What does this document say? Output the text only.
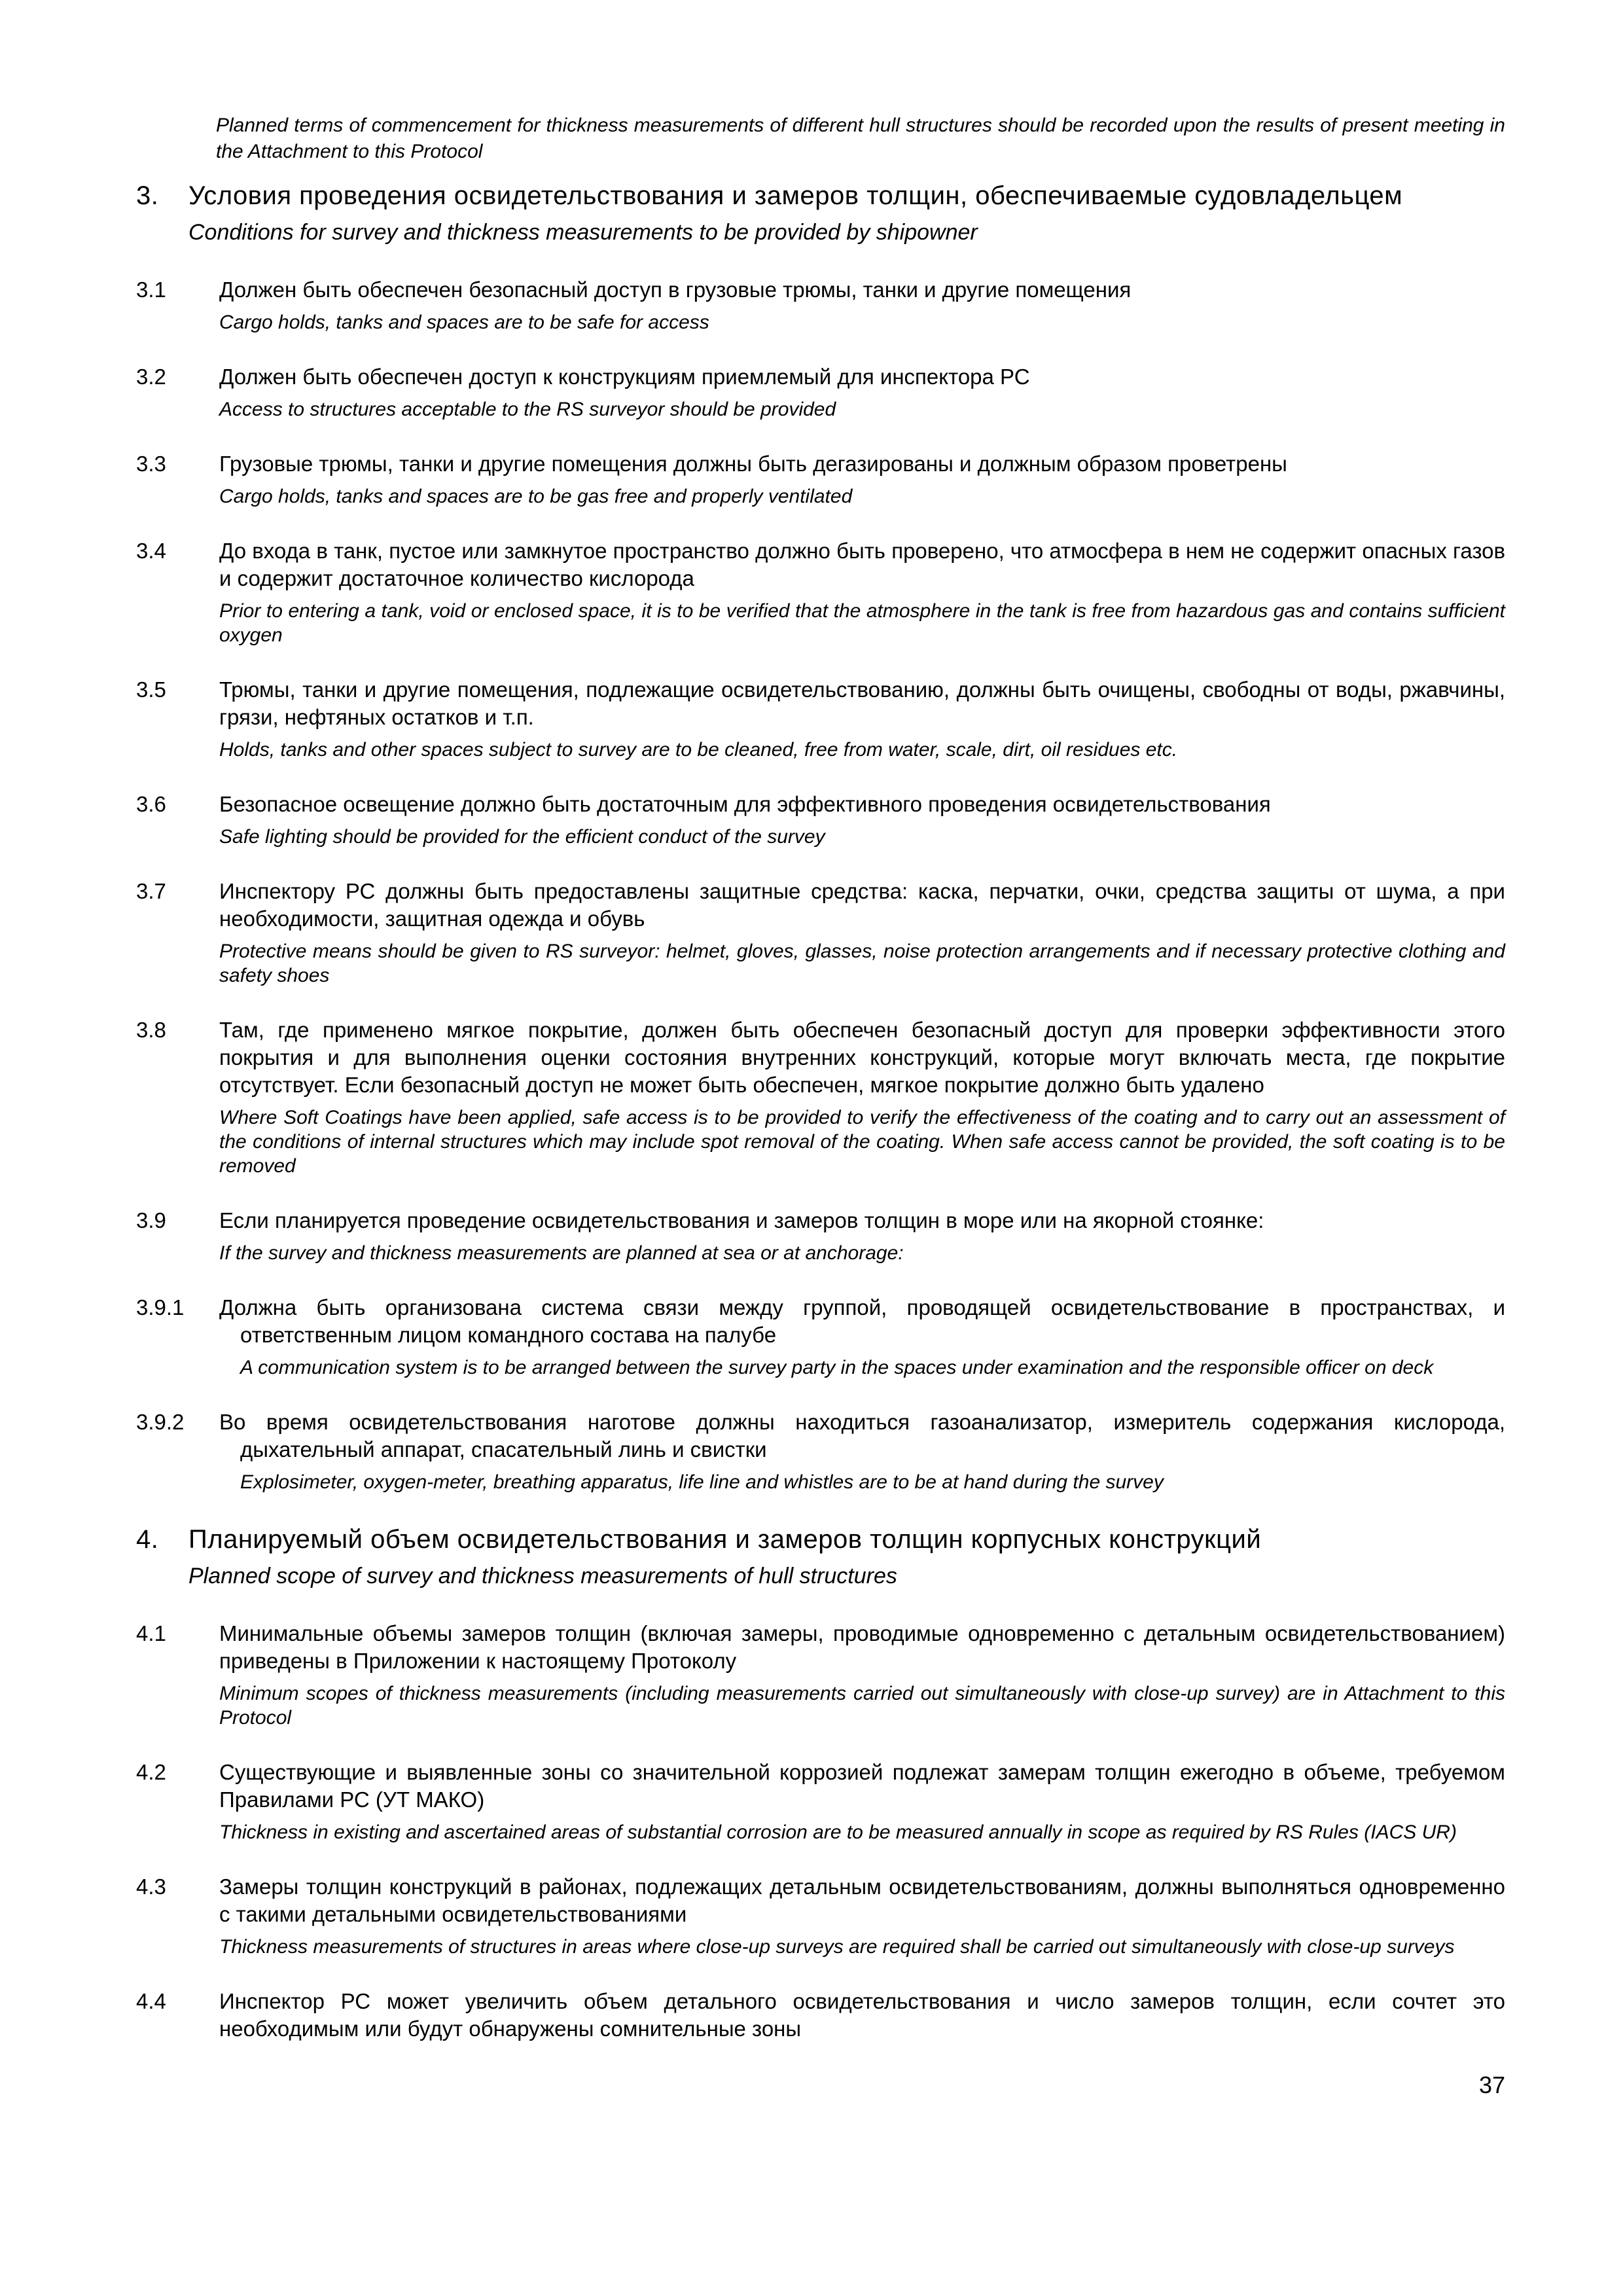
Planned terms of commencement for thickness measurements of different hull structures should be recorded upon the results of present meeting in the Attachment to this Protocol

3.	Условия проведения освидетельствования и замеров толщин, обеспечиваемые судовладельцем

Conditions for survey and thickness measurements to be provided by shipowner

3.1	Должен быть обеспечен безопасный доступ в грузовые трюмы, танки и другие помещения

Cargo holds, tanks and spaces are to be safe for access

3.2	Должен быть обеспечен доступ к конструкциям приемлемый для инспектора РС

Access to structures acceptable to the RS surveyor should be provided

3.3	Грузовые трюмы, танки и другие помещения должны быть дегазированы и должным образом проветрены

Cargo holds, tanks and spaces are to be gas free and properly ventilated

3.4	До входа в танк, пустое или замкнутое пространство должно быть проверено, что атмосфера в нем не содержит опасных газов и содержит достаточное количество кислорода

Prior to entering a tank, void or enclosed space, it is to be verified that the atmosphere in the tank is free from hazardous gas and contains sufficient oxygen

3.5	Трюмы, танки и другие помещения, подлежащие освидетельствованию, должны быть очищены, свободны от воды, ржавчины, грязи, нефтяных остатков и т.п.

Holds, tanks and other spaces subject to survey are to be cleaned, free from water, scale, dirt, oil residues etc.

3.6	Безопасное освещение должно быть достаточным для эффективного проведения освидетельствования

Safe lighting should be provided for the efficient conduct of the survey

3.7	Инспектору РС должны быть предоставлены защитные средства: каска, перчатки, очки, средства защиты от шума, а при необходимости, защитная одежда и обувь

Protective means should be given to RS surveyor: helmet, gloves, glasses, noise protection arrangements and if necessary protective clothing and safety shoes

3.8	Там, где применено мягкое покрытие, должен быть обеспечен безопасный доступ для проверки эффективности этого покрытия и для выполнения оценки состояния внутренних конструкций, которые могут включать места, где покрытие отсутствует. Если безопасный доступ не может быть обеспечен, мягкое покрытие должно быть удалено

Where Soft Coatings have been applied, safe access is to be provided to verify the effectiveness of the coating and to carry out an assessment of the conditions of internal structures which may include spot removal of the coating. When safe access cannot be provided, the soft coating is to be removed

3.9	Если планируется проведение освидетельствования и замеров толщин в море или на якорной стоянке:

If the survey and thickness measurements are planned at sea or at anchorage:

3.9.1	Должна быть организована система связи между группой, проводящей освидетельствование в пространствах, и ответственным лицом командного состава на палубе

A communication system is to be arranged between the survey party in the spaces under examination and the responsible officer on deck

3.9.2	Во время освидетельствования наготове должны находиться газоанализатор, измеритель содержания кислорода, дыхательный аппарат, спасательный линь и свистки

Explosimeter, oxygen-meter, breathing apparatus, life line and whistles are to be at hand during the survey

4.	Планируемый объем освидетельствования и замеров толщин корпусных конструкций

Planned scope of survey and thickness measurements of hull structures

4.1	Минимальные объемы замеров толщин (включая замеры, проводимые одновременно с детальным освидетельствованием) приведены в Приложении к настоящему Протоколу

Minimum scopes of thickness measurements (including measurements carried out simultaneously with close-up survey) are in Attachment to this Protocol

4.2	Существующие и выявленные зоны со значительной коррозией подлежат замерам толщин ежегодно в объеме, требуемом Правилами РС (УТ МАКО)

Thickness in existing and ascertained areas of substantial corrosion are to be measured annually in scope as required by RS Rules (IACS UR)

4.3	Замеры толщин конструкций в районах, подлежащих детальным освидетельствованиям, должны выполняться одновременно с такими детальными освидетельствованиями

Thickness measurements of structures in areas where close-up surveys are required shall be carried out simultaneously with close-up surveys

4.4	Инспектор РС может увеличить объем детального освидетельствования и число замеров толщин, если сочтет это необходимым или будут обнаружены сомнительные зоны

37
